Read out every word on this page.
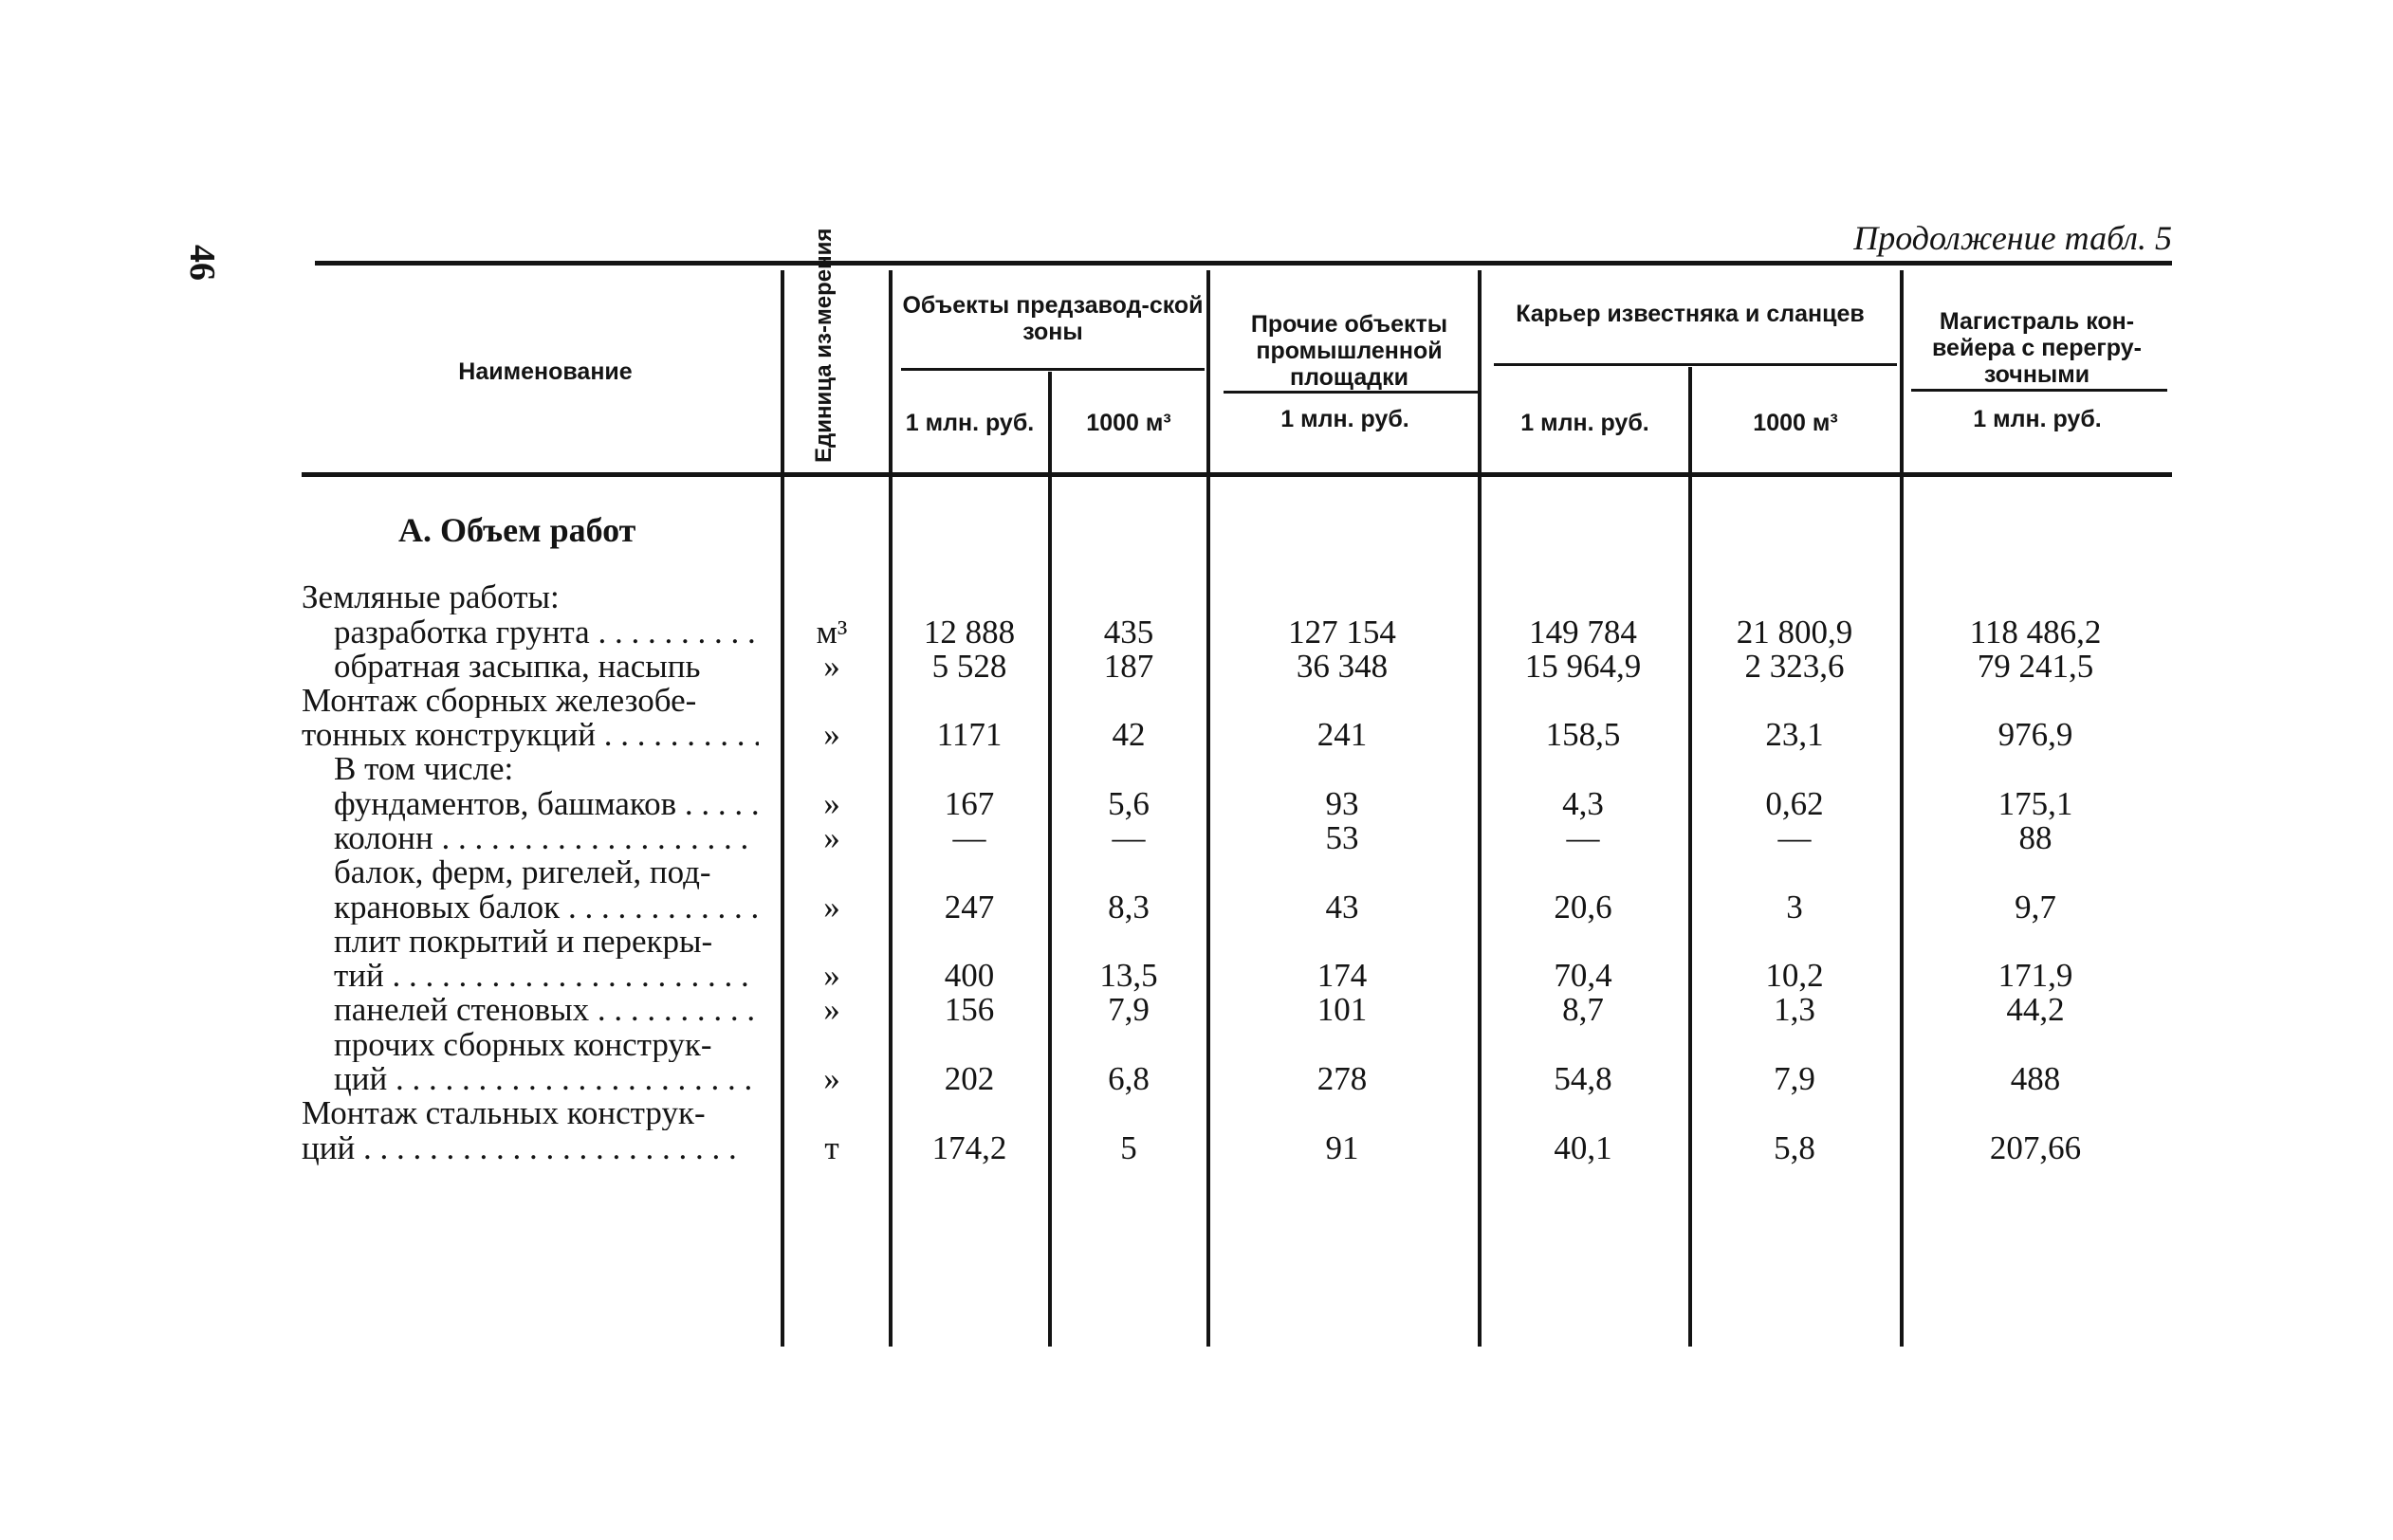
46
Продолжение табл. 5
Наименование	Единица из-мерения	Объекты предзавод-ской зоны
1 млн. руб.	1000 м³
Прочие объекты промышленной площадки
1 млн. руб.
Карьер известняка и сланцев
1 млн. руб.	1000 м³
Магистраль кон-вейера с перегру-зочными
1 млн. руб.
А. Объем работ
Земляные работы:
разработка грунта . . .	м³	12 888	435	127 154	149 784	21 800,9	118 486,2
обратная засыпка, насыпь	»	5 528	187	36 348	15 964,9	2 323,6	79 241,5
Монтаж сборных железобе-
тонных конструкций . . .	»	1171	42	241	158,5	23,1	976,9
В том числе:
фундаментов, башмаков . . .	»	167	5,6	93	4,3	0,62	175,1
колонн . . .	»	—	—	53	—	—	88
балок, ферм, ригелей, под-
крановых балок . . .	»	247	8,3	43	20,6	3	9,7
плит покрытий и перекры-
тий . . .	»	400	13,5	174	70,4	10,2	171,9
панелей стеновых . . .	»	156	7,9	101	8,7	1,3	44,2
прочих сборных конструк-
ций . . .	»	202	6,8	278	54,8	7,9	488
Монтаж стальных конструк-
ций . . .	т	174,2	5	91	40,1	5,8	207,66
